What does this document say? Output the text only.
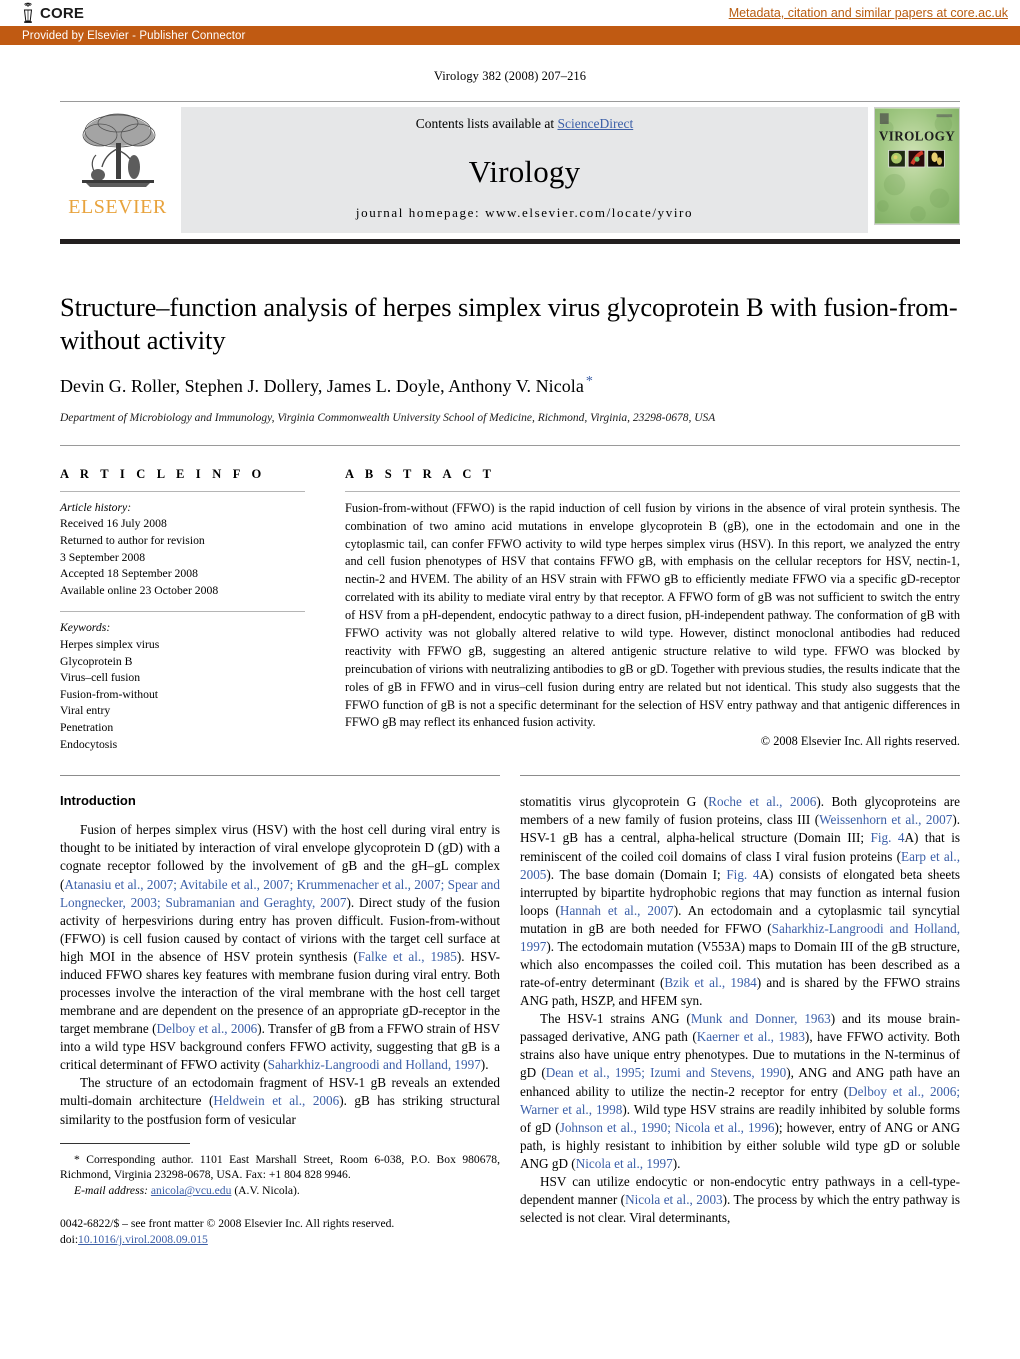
CORE	Metadata, citation and similar papers at core.ac.uk
Provided by Elsevier - Publisher Connector
Virology 382 (2008) 207–216
ELSEVIER
Contents lists available at ScienceDirect
Virology
journal homepage: www.elsevier.com/locate/yviro
VIROLOGY
Structure–function analysis of herpes simplex virus glycoprotein B with fusion-from-without activity
Devin G. Roller, Stephen J. Dollery, James L. Doyle, Anthony V. Nicola *
Department of Microbiology and Immunology, Virginia Commonwealth University School of Medicine, Richmond, Virginia, 23298-0678, USA
A R T I C L E I N F O
Article history:
Received 16 July 2008
Returned to author for revision
3 September 2008
Accepted 18 September 2008
Available online 23 October 2008
Keywords:
Herpes simplex virus
Glycoprotein B
Virus–cell fusion
Fusion-from-without
Viral entry
Penetration
Endocytosis
A B S T R A C T
Fusion-from-without (FFWO) is the rapid induction of cell fusion by virions in the absence of viral protein synthesis. The combination of two amino acid mutations in envelope glycoprotein B (gB), one in the ectodomain and one in the cytoplasmic tail, can confer FFWO activity to wild type herpes simplex virus (HSV). In this report, we analyzed the entry and cell fusion phenotypes of HSV that contains FFWO gB, with emphasis on the cellular receptors for HSV, nectin-1, nectin-2 and HVEM. The ability of an HSV strain with FFWO gB to efficiently mediate FFWO via a specific gD-receptor correlated with its ability to mediate viral entry by that receptor. A FFWO form of gB was not sufficient to switch the entry of HSV from a pH-dependent, endocytic pathway to a direct fusion, pH-independent pathway. The conformation of gB with FFWO activity was not globally altered relative to wild type. However, distinct monoclonal antibodies had reduced reactivity with FFWO gB, suggesting an altered antigenic structure relative to wild type. FFWO was blocked by preincubation of virions with neutralizing antibodies to gB or gD. Together with previous studies, the results indicate that the roles of gB in FFWO and in virus–cell fusion during entry are related but not identical. This study also suggests that the FFWO function of gB is not a specific determinant for the selection of HSV entry pathway and that antigenic differences in FFWO gB may reflect its enhanced fusion activity.
© 2008 Elsevier Inc. All rights reserved.
Introduction

Fusion of herpes simplex virus (HSV) with the host cell during viral entry is thought to be initiated by interaction of viral envelope glycoprotein D (gD) with a cognate receptor followed by the involvement of gB and the gH–gL complex (Atanasiu et al., 2007; Avitabile et al., 2007; Krummenacher et al., 2007; Spear and Longnecker, 2003; Subramanian and Geraghty, 2007). Direct study of the fusion activity of herpesvirions during entry has proven difficult. Fusion-from-without (FFWO) is cell fusion caused by contact of virions with the target cell surface at high MOI in the absence of HSV protein synthesis (Falke et al., 1985). HSV-induced FFWO shares key features with membrane fusion during viral entry. Both processes involve the interaction of the viral membrane with the host cell target membrane and are dependent on the presence of an appropriate gD-receptor in the target membrane (Delboy et al., 2006). Transfer of gB from a FFWO strain of HSV into a wild type HSV background confers FFWO activity, suggesting that gB is a critical determinant of FFWO activity (Saharkhiz-Langroodi and Holland, 1997).

The structure of an ectodomain fragment of HSV-1 gB reveals an extended multi-domain architecture (Heldwein et al., 2006). gB has striking structural similarity to the postfusion form of vesicular

* Corresponding author. 1101 East Marshall Street, Room 6-038, P.O. Box 980678, Richmond, Virginia 23298-0678, USA. Fax: +1 804 828 9946.

E-mail address: anicola@vcu.edu (A.V. Nicola).

0042-6822/$ – see front matter © 2008 Elsevier Inc. All rights reserved.
doi:10.1016/j.virol.2008.09.015

stomatitis virus glycoprotein G (Roche et al., 2006). Both glycoproteins are members of a new family of fusion proteins, class III (Weissenhorn et al., 2007). HSV-1 gB has a central, alpha-helical structure (Domain III; Fig. 4A) that is reminiscent of the coiled coil domains of class I viral fusion proteins (Earp et al., 2005). The base domain (Domain I; Fig. 4A) consists of elongated beta sheets interrupted by bipartite hydrophobic regions that may function as internal fusion loops (Hannah et al., 2007). An ectodomain and a cytoplasmic tail syncytial mutation in gB are both needed for FFWO (Saharkhiz-Langroodi and Holland, 1997). The ectodomain mutation (V553A) maps to Domain III of the gB structure, which also encompasses the coiled coil. This mutation has been described as a rate-of-entry determinant (Bzik et al., 1984) and is shared by the FFWO strains ANG path, HSZP, and HFEM syn.

The HSV-1 strains ANG (Munk and Donner, 1963) and its mouse brain-passaged derivative, ANG path (Kaerner et al., 1983), have FFWO activity. Both strains also have unique entry phenotypes. Due to mutations in the N-terminus of gD (Dean et al., 1995; Izumi and Stevens, 1990), ANG and ANG path have an enhanced ability to utilize the nectin-2 receptor for entry (Delboy et al., 2006; Warner et al., 1998). Wild type HSV strains are readily inhibited by soluble forms of gD (Johnson et al., 1990; Nicola et al., 1996); however, entry of ANG or ANG path, is highly resistant to inhibition by either soluble wild type gD or soluble ANG gD (Nicola et al., 1997).

HSV can utilize endocytic or non-endocytic entry pathways in a cell-type-dependent manner (Nicola et al., 2003). The process by which the entry pathway is selected is not clear. Viral determinants,
